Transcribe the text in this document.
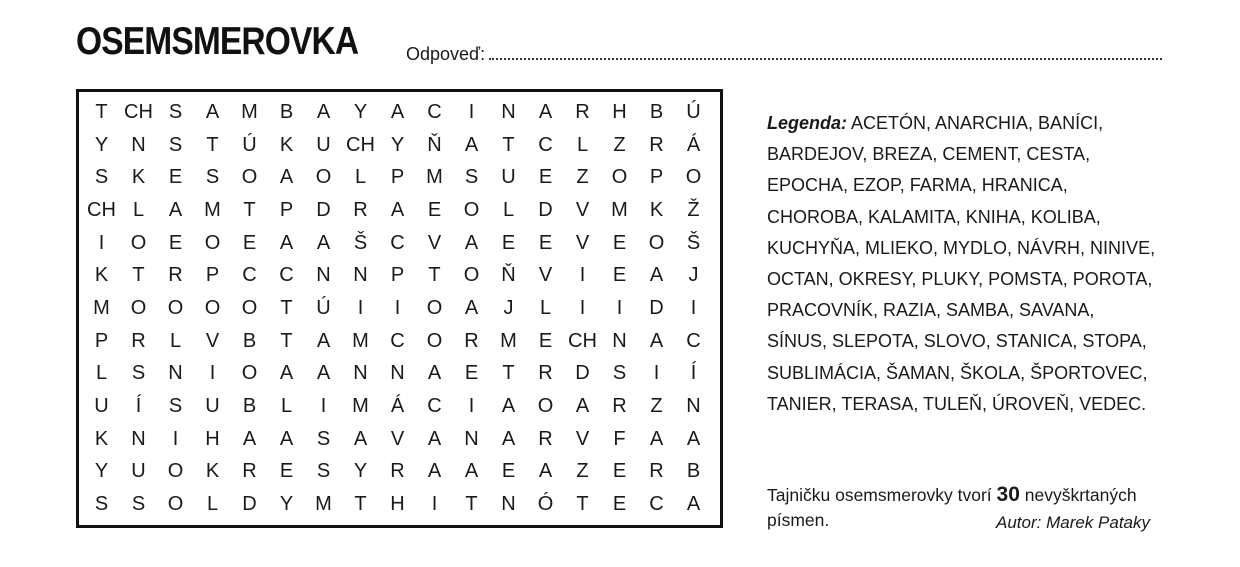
OSEMSMEROVKA	Odpoveď:
T CH S	A	M	B	A	Y	A	C	I	N	A	R	H	B	Ú
Y	N	S	T	Ú	K	U CH Y	Ň	A	T	C	L	Z	R	Á
S	K	E	S	O	A	O	L	P	M	S	U	E	Z	O	P	O
CH L	A	M	T	P	D	R	A	E	O	L	D	V	M	K	Ž
I	O	E	O	E	A	A	Š	C	V	A	E	E	V	E	O	Š
K	T	R	P	C	C	N	N	P	T	O	Ň	V	I	E	A	J
M	O	O	O	O	T	Ú	I	I	O	A	J	L	I	I	D	I
P	R	L	V	B	T	A	M	C	O	R	M	E CH N	A	C
L	S	N	I	O	A	A	N	N	A	E	T	R	D	S	I	Í
U	Í	S	U	B	L	I	M	Á	C	I	A	O	A	R	Z	N
K	N	I	H	A	A	S	A	V	A	N	A	R	V	F	A	A
Y	U	O	K	R	E	S	Y	R	A	A	E	A	Z	E	R	B
S	S	O	L	D	Y	M	T	H	I	T	N	Ó	T	E	C	A
Legenda: ACETÓN, ANARCHIA, BANÍCI,
BARDEJOV, BREZA, CEMENT, CESTA,
EPOCHA, EZOP, FARMA, HRANICA,
CHOROBA, KALAMITA, KNIHA, KOLIBA,
KUCHYŇA, MLIEKO, MYDLO, NÁVRH, NINIVE,
OCTAN, OKRESY, PLUKY, POMSTA, POROTA,
PRACOVNÍK, RAZIA, SAMBA, SAVANA,
SÍNUS, SLEPOTA, SLOVO, STANICA, STOPA,
SUBLIMÁCIA, ŠAMAN, ŠKOLA, ŠPORTOVEC,
TANIER, TERASA, TULEŇ, ÚROVEŇ, VEDEC.
Tajničku osemsmerovky tvorí 30 nevyškrtaných
písmen.	Autor: Marek Pataky
